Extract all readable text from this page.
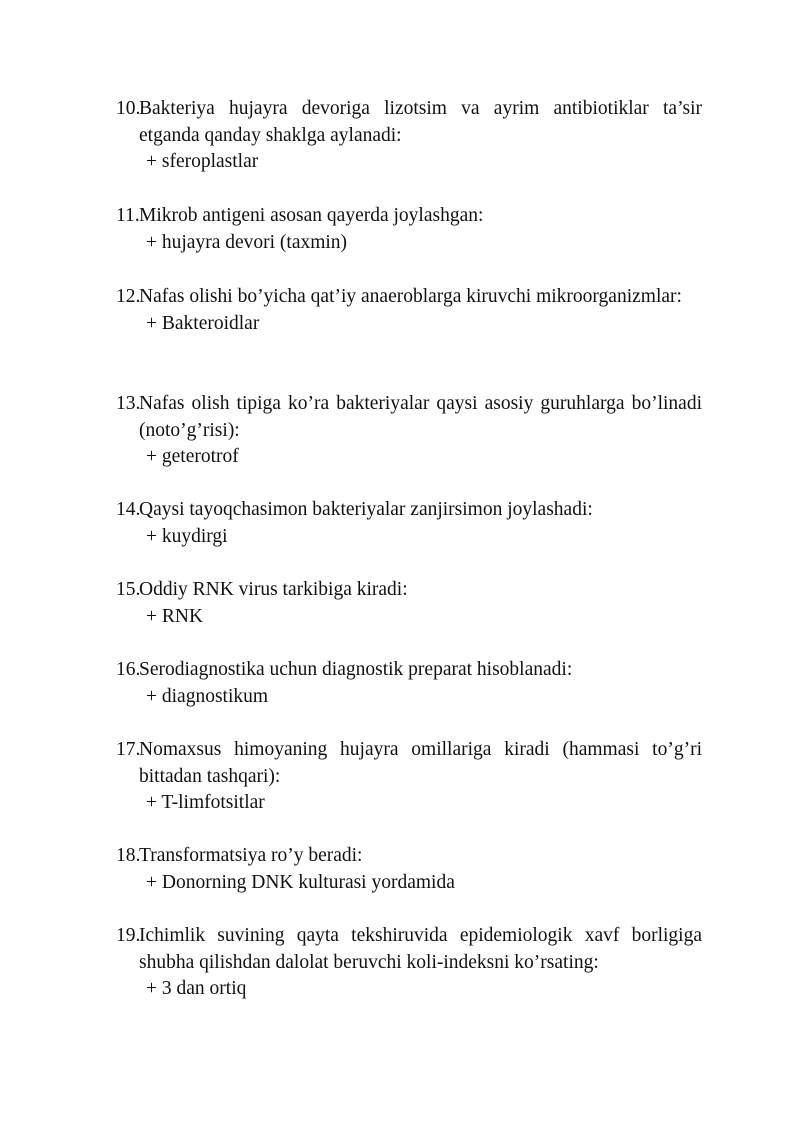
10.
Bakteriya hujayra devoriga lizotsim va ayrim antibiotiklar ta’sir etganda qanday shaklga aylanadi:
+ sferoplastlar
11. Mikrob antigeni asosan qayerda joylashgan:
+ hujayra devori (taxmin)
12.
Nafas olishi bo’yicha qat’iy anaeroblarga kiruvchi mikroorganizmlar:
+ Bakteroidlar
13.
Nafas olish tipiga ko’ra bakteriyalar qaysi asosiy guruhlarga bo’linadi (noto’g’risi):
+ geterotrof
14.
Qaysi tayoqchasimon bakteriyalar zanjirsimon joylashadi:
+ kuydirgi
15.
Oddiy RNK virus tarkibiga kiradi:
+ RNK
16.
Serodiagnostika uchun diagnostik preparat hisoblanadi:
+ diagnostikum
17.
Nomaxsus himoyaning hujayra omillariga kiradi (hammasi to’g’ri bittadan tashqari):
+ T-limfotsitlar
18.
Transformatsiya ro’y beradi:
+ Donorning DNK kulturasi yordamida
19.
Ichimlik suvining qayta tekshiruvida epidemiologik xavf borligiga shubha qilishdan dalolat beruvchi koli-indeksni ko’rsating:
+ 3 dan ortiq
